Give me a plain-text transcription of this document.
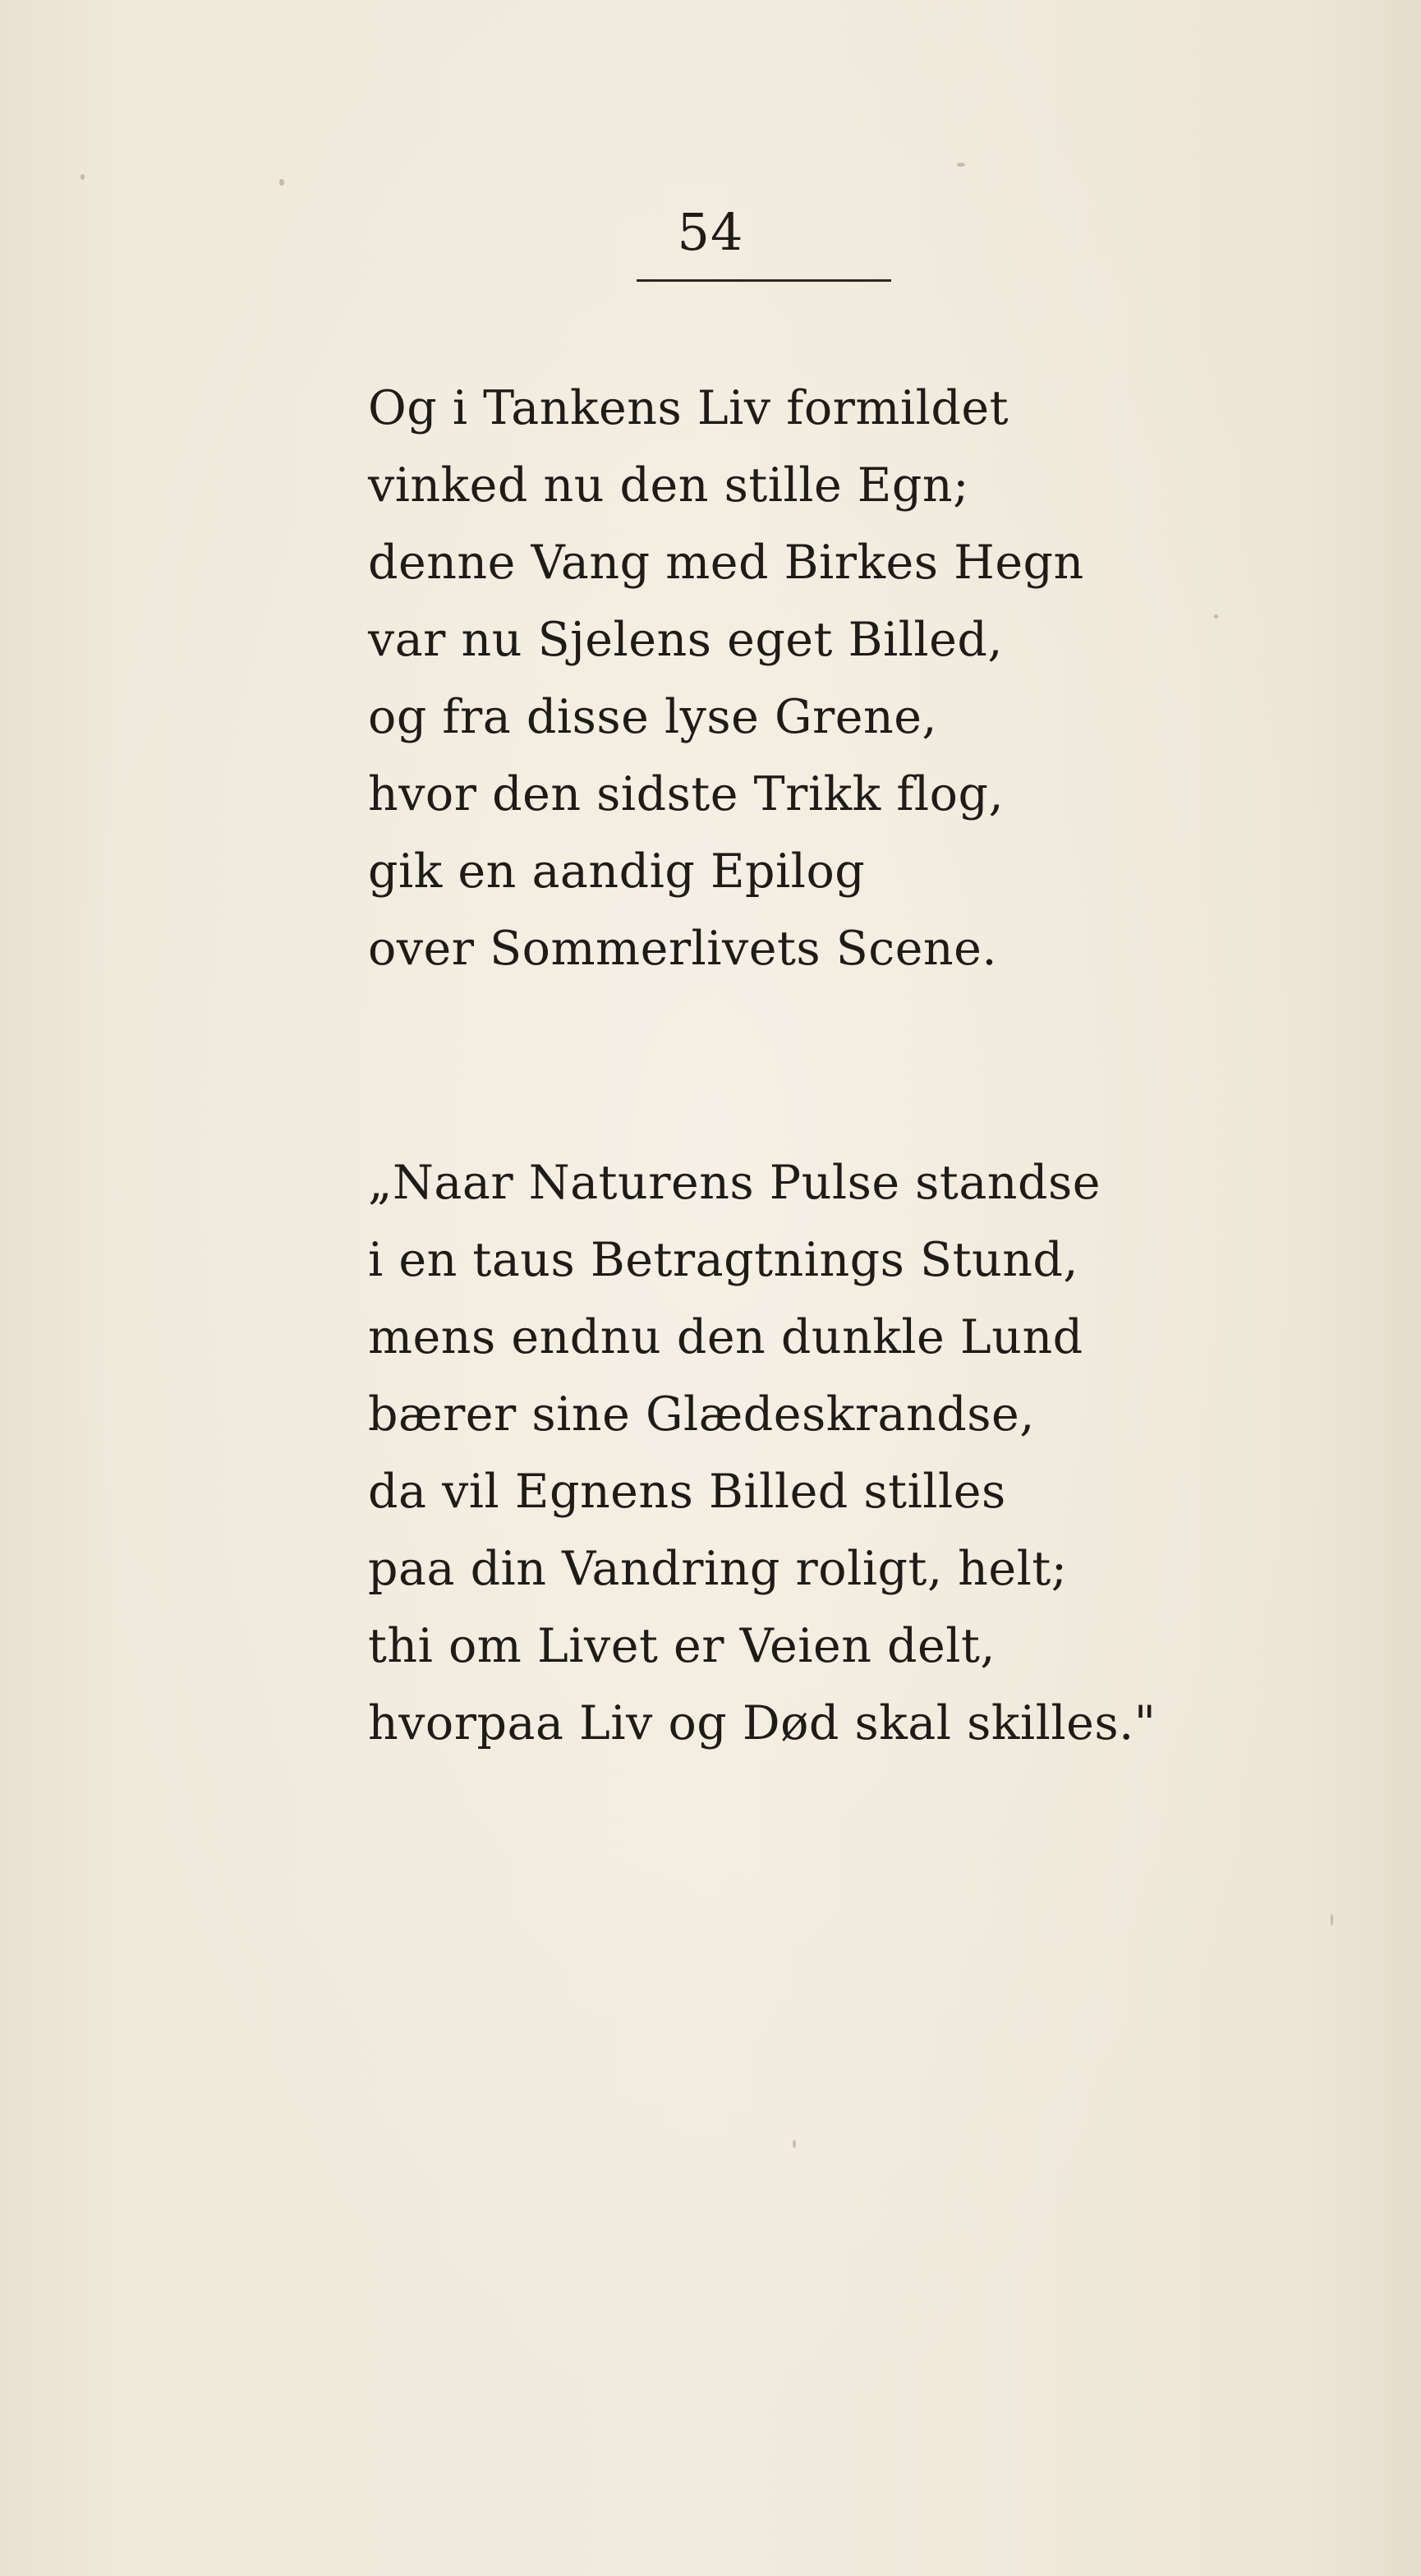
54
Og i Tankens Liv formildet
vinked nu den stille Egn;
denne Vang med Birkes Hegn
var nu Sjelens eget Billed,
og fra disse lyse Grene,
hvor den sidste Trikk flog,
gik en aandig Epilog
over Sommerlivets Scene.
„Naar Naturens Pulse standse
i en taus Betragtnings Stund,
mens endnu den dunkle Lund
bærer sine Glædeskrandse,
da vil Egnens Billed stilles
paa din Vandring roligt, helt;
thi om Livet er Veien delt,
hvorpaa Liv og Død skal skilles."
